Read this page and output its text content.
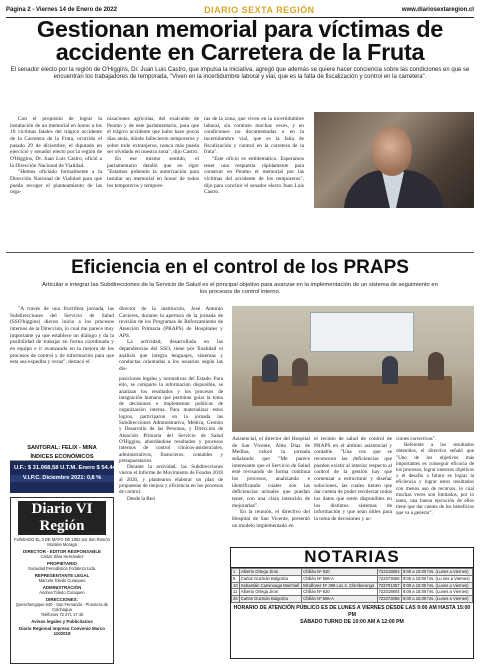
Página 2 - Viernes 14 de Enero de 2022	DIARIO SEXTA REGIÓN	www.diariosextaregion.cl
Gestionan memorial para víctimas de accidente en Carretera de la Fruta
El senador electo por la región de O'Higgins, Dr. Juan Luis Castro, que impulsa la iniciativa, agregó que además se quiere hacer conciencia sobre las condiciones en que se encuentran los trabajadores de temporada, "Viven en la incertidumbre laboral y vial, que es la falta de fiscalización y control en la carretera".

Con el propósito de lograr la instalación de un memorial en honor a los 10 víctimas fatales del trágico accidente de la Carretera de la Fruta, ocurrido el pasado 29 de diciembre, el diputado en ejercicio y senador electo por la región de O'Higgins, Dr. Juan Luis Castro, ofició a la Dirección Nacional de Vialidad.

"Hemos oficiado formalmente a la Dirección Nacional de Vialidad para que pueda recoger el planteamiento de las orga-

nizaciones agrícolas, del exalcalde de Peumo y de este parlamentario, para que el trágico accidente que hubo hace pocos días atrás, dónde fallecieron temporeros y sobre todo extranjeros, nunca más pueda ser olvidado en nuestra zona", dijo Castro.

En ese mismo sentido, el parlamentario detalló que en rigor "Estamos pidiendo la autorización para instalar un memorial en honor de todos los temporeros y tempore-

ras de la zona, que viven en la incertidumbre laboral, sin contrato muchas veces, y en condiciones no documentadas o en la incertidumbre vial, que es la falta de fiscalización y control en la carretera de la fruta".

"Este oficio es emblemático. Esperamos tener una respuesta rápidamente para construir en Peumo el memorial por las víctimas del accidente de los temporeros", dijo para concluir el senador electo Juan Luis Castro.

Eficiencia en el control de los PRAPS
Articular e integrar las Subdirecciones de la Servicio de Salud es el principal objetivo para avanzar en la implementación de un sistema de seguimiento en los procesos de control interno.

"A través de una fructífera jornada, las Subdirecciones del Servicio de Salud (SSO'higgins) dieron inicio a los procesos internos de la Dirección, lo cual me parece muy importante ya que establece un diálogo y da la posibilidad de trabajar en forma coordinada y en equipo e ir avanzando en la mejora de los procesos de control y de información para que esta sea expedita y veraz", destacó el

director de la institución, José Antonio Cavieres, durante la apertura de la jornada de revisión de los Programas de Reforzamiento de Atención Primaria (PRAPS) de Hospitales y APS.

La actividad, desarrollada en las dependencias del SSO, tiene por finalidad el análisis que integra lenguajes, sistemas y conductas orientadas a los usuarios según las dis-

posiciones legales y normativas del Estado. Para ello, se comparte la información disponible, se analizan los resultados y los procesos de integración humana que permitan guiar la toma de decisiones e implementar políticas de organización interna. Para materializar estos logros, participaron en la jornada las Subdirecciones Administrativa, Médica, Gestión y Desarrollo de las Personas, y Dirección de Atención Primaria del Servicio de Salud O'Higgins, abordándose resultados y procesos internos de control clínicos-asistenciales, administrativos, financieros, contables y presupuestarios.

Durante la actividad, las Subdirecciones vieron el Informe de Movimiento de Fondos 2018 al 2020, y plantearon elaborar un plan de propuestas de mejora y eficiencia en los procesos de control.

Desde la Red

Asistencial, el director del Hospital de San Vicente, Aldo Díaz de Medina, valoró la jornada señalando que "Me parece interesante que el Servicio de Salud esté revisando de forma continua los procesos, analizando e identificando cuales son las deficiencias actuales que puedan tener, con una clara intención de mejorarlas".

En la reunión, el directivo del Hospital de San Vicente, presentó un modelo implementado en

el recinto de salud de control de PRAPS en el ámbito asistencial y contable. "Una vez que se reconocen las deficiencias que pueden existir al interior respecto al control de la gestión hay que comenzar a estructurar y diseñar soluciones, las cuales tienen que dar cuenta de poder recolectar todos los datos que estén disponibles en los distintos sistemas de información y que sean útiles para la toma de decisiones y ac-

ciones correctivas".

Referente a los resultados obtenidos, el directivo señaló que "Uno de los objetivos más importantes es conseguir eficacia de los procesos, lograr nuestros objetivos y el desafío a futuro es lograr la eficiencia y lograr estos resultados con menos uso de recursos, lo cual muchas veces son limitados, por lo tanto, una buena ejecución de ellos tiene que dar cuenta de los beneficios que va a generar".

SANTORAL: FELIX - MINA
ÍNDICES ECONÓMICOS
U.F.: $ 31.068,58 U.T.M. Enero $ 54.442,00
V.I.P.C. Diciembre 2021: 0,8 %
Diario VI Región
FUNDADO EL 3 DE MAYO DE 1952 por don Ramón Morales Moraga
DIRECTOR - EDITOR RESPONSABLE
Carlos Silva Hernández
PROPIETARIO
Sociedad Periodística Fortaleza Ltda.
REPRESENTANTE LEGAL
Marcela Toledo Curaqueo
ADMINISTRACIÓN
Andrea Toledo Curaqueo
DIRECCIONES:
Queschengique 640 - San Fernando - Provincia de Colchagua
Teléfonos 72 271 17 45
Avisos legales y Publicitarios
Diario Regional impreso Convenio Marco 1102018
NOTARIAS
1	Alberto Ortega Jiron	Chillán Nº 620	722318804	9:00 a 15:00 hrs. (Lunes a Viernes)
8	Carlos Guzmán Balgorria	Chillán Nº 586-A	722373066	9:00 a 15:00 hrs. (Lu nes a Viernes)
10	Sebastián Caminoaga Marchall	Mindfores Nº 389 Loc.4. Chimbarongo	722701357	9:00 a 15:00 hrs. (Lunes a Viernes)
11	Alberto Ortega Jiron	Chillán Nº 620	722318804	9:00 a 15:00 hrs. (Lunes a Viernes)
25	Carlos Guzmán Balgorria	Chillán Nº 586-A	722373066	9:00 a 15:00 hrs. (Lunes a Viernes)
HORARIO DE ATENCIÓN PÚBLICO ES DE LUNES A VIERNES DESDE LAS 9:00 AM HASTA 15:00 PM
SÁBADO TURNO DE 10:00 AM A 12:00 PM
